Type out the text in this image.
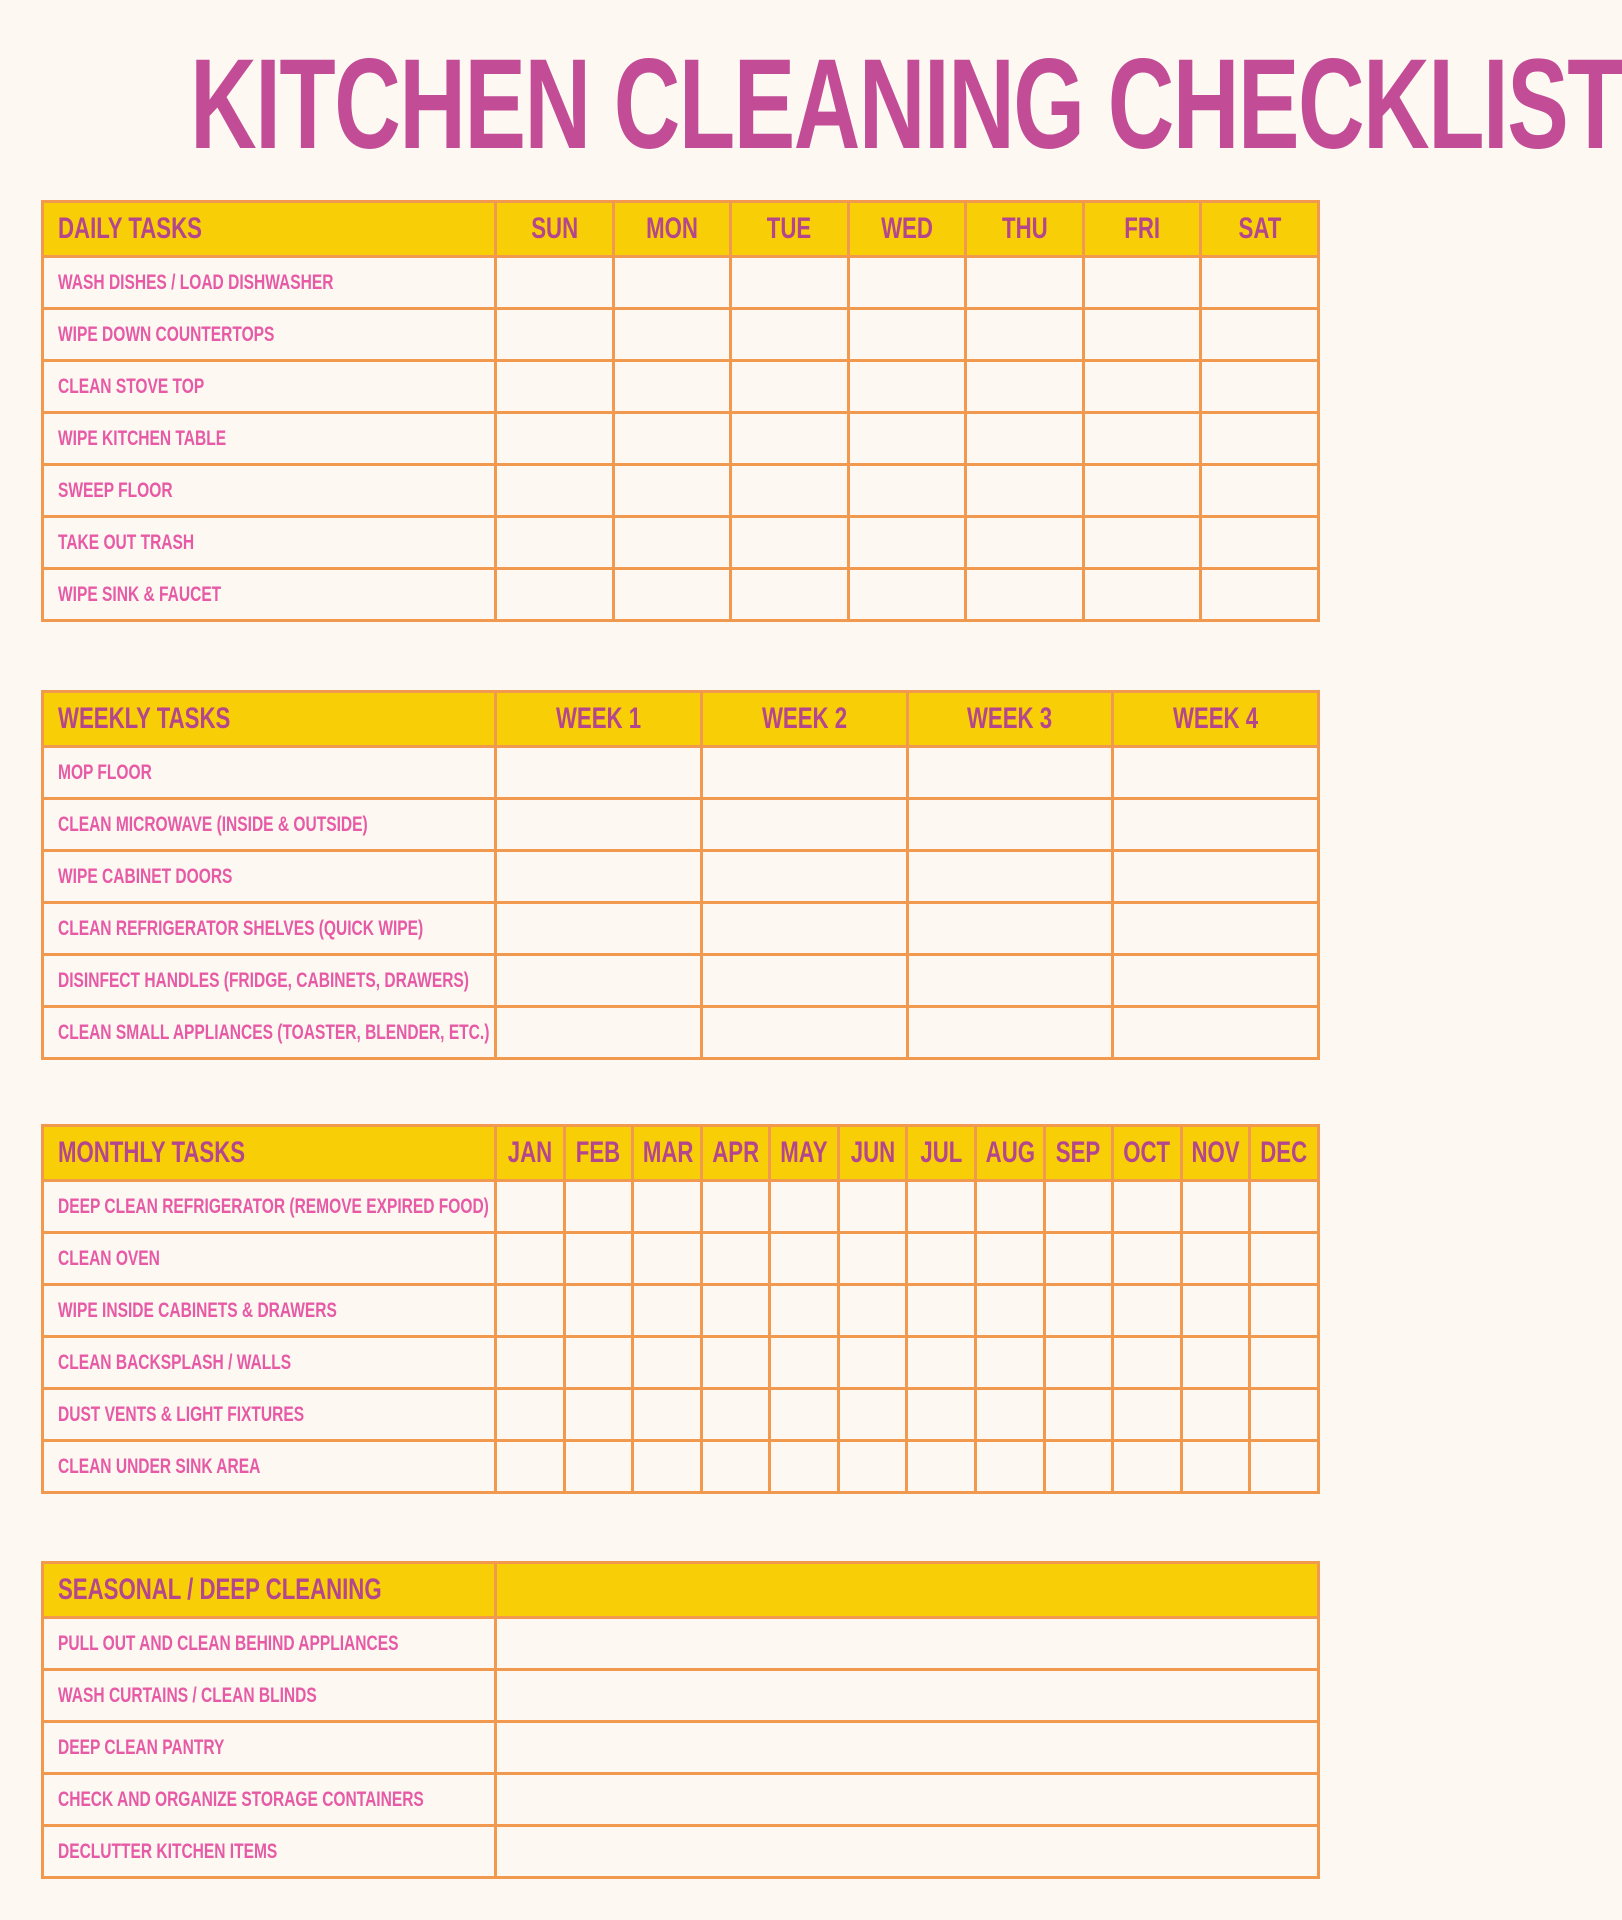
KITCHEN CLEANING CHECKLIST
DAILY TASKS	SUN	MON	TUE	WED	THU	FRI	SAT
WASH DISHES / LOAD DISHWASHER							
WIPE DOWN COUNTERTOPS							
CLEAN STOVE TOP							
WIPE KITCHEN TABLE							
SWEEP FLOOR							
TAKE OUT TRASH							
WIPE SINK & FAUCET							
WEEKLY TASKS	WEEK 1	WEEK 2	WEEK 3	WEEK 4
MOP FLOOR				
CLEAN MICROWAVE (INSIDE & OUTSIDE)				
WIPE CABINET DOORS				
CLEAN REFRIGERATOR SHELVES (QUICK WIPE)				
DISINFECT HANDLES (FRIDGE, CABINETS, DRAWERS)				
CLEAN SMALL APPLIANCES (TOASTER, BLENDER, ETC.)				
MONTHLY TASKS	JAN	FEB	MAR	APR	MAY	JUN	JUL	AUG	SEP	OCT	NOV	DEC
DEEP CLEAN REFRIGERATOR (REMOVE EXPIRED FOOD)												
CLEAN OVEN												
WIPE INSIDE CABINETS & DRAWERS												
CLEAN BACKSPLASH / WALLS												
DUST VENTS & LIGHT FIXTURES												
CLEAN UNDER SINK AREA												
SEASONAL / DEEP CLEANING	
PULL OUT AND CLEAN BEHIND APPLIANCES	
WASH CURTAINS / CLEAN BLINDS	
DEEP CLEAN PANTRY	
CHECK AND ORGANIZE STORAGE CONTAINERS	
DECLUTTER KITCHEN ITEMS	
